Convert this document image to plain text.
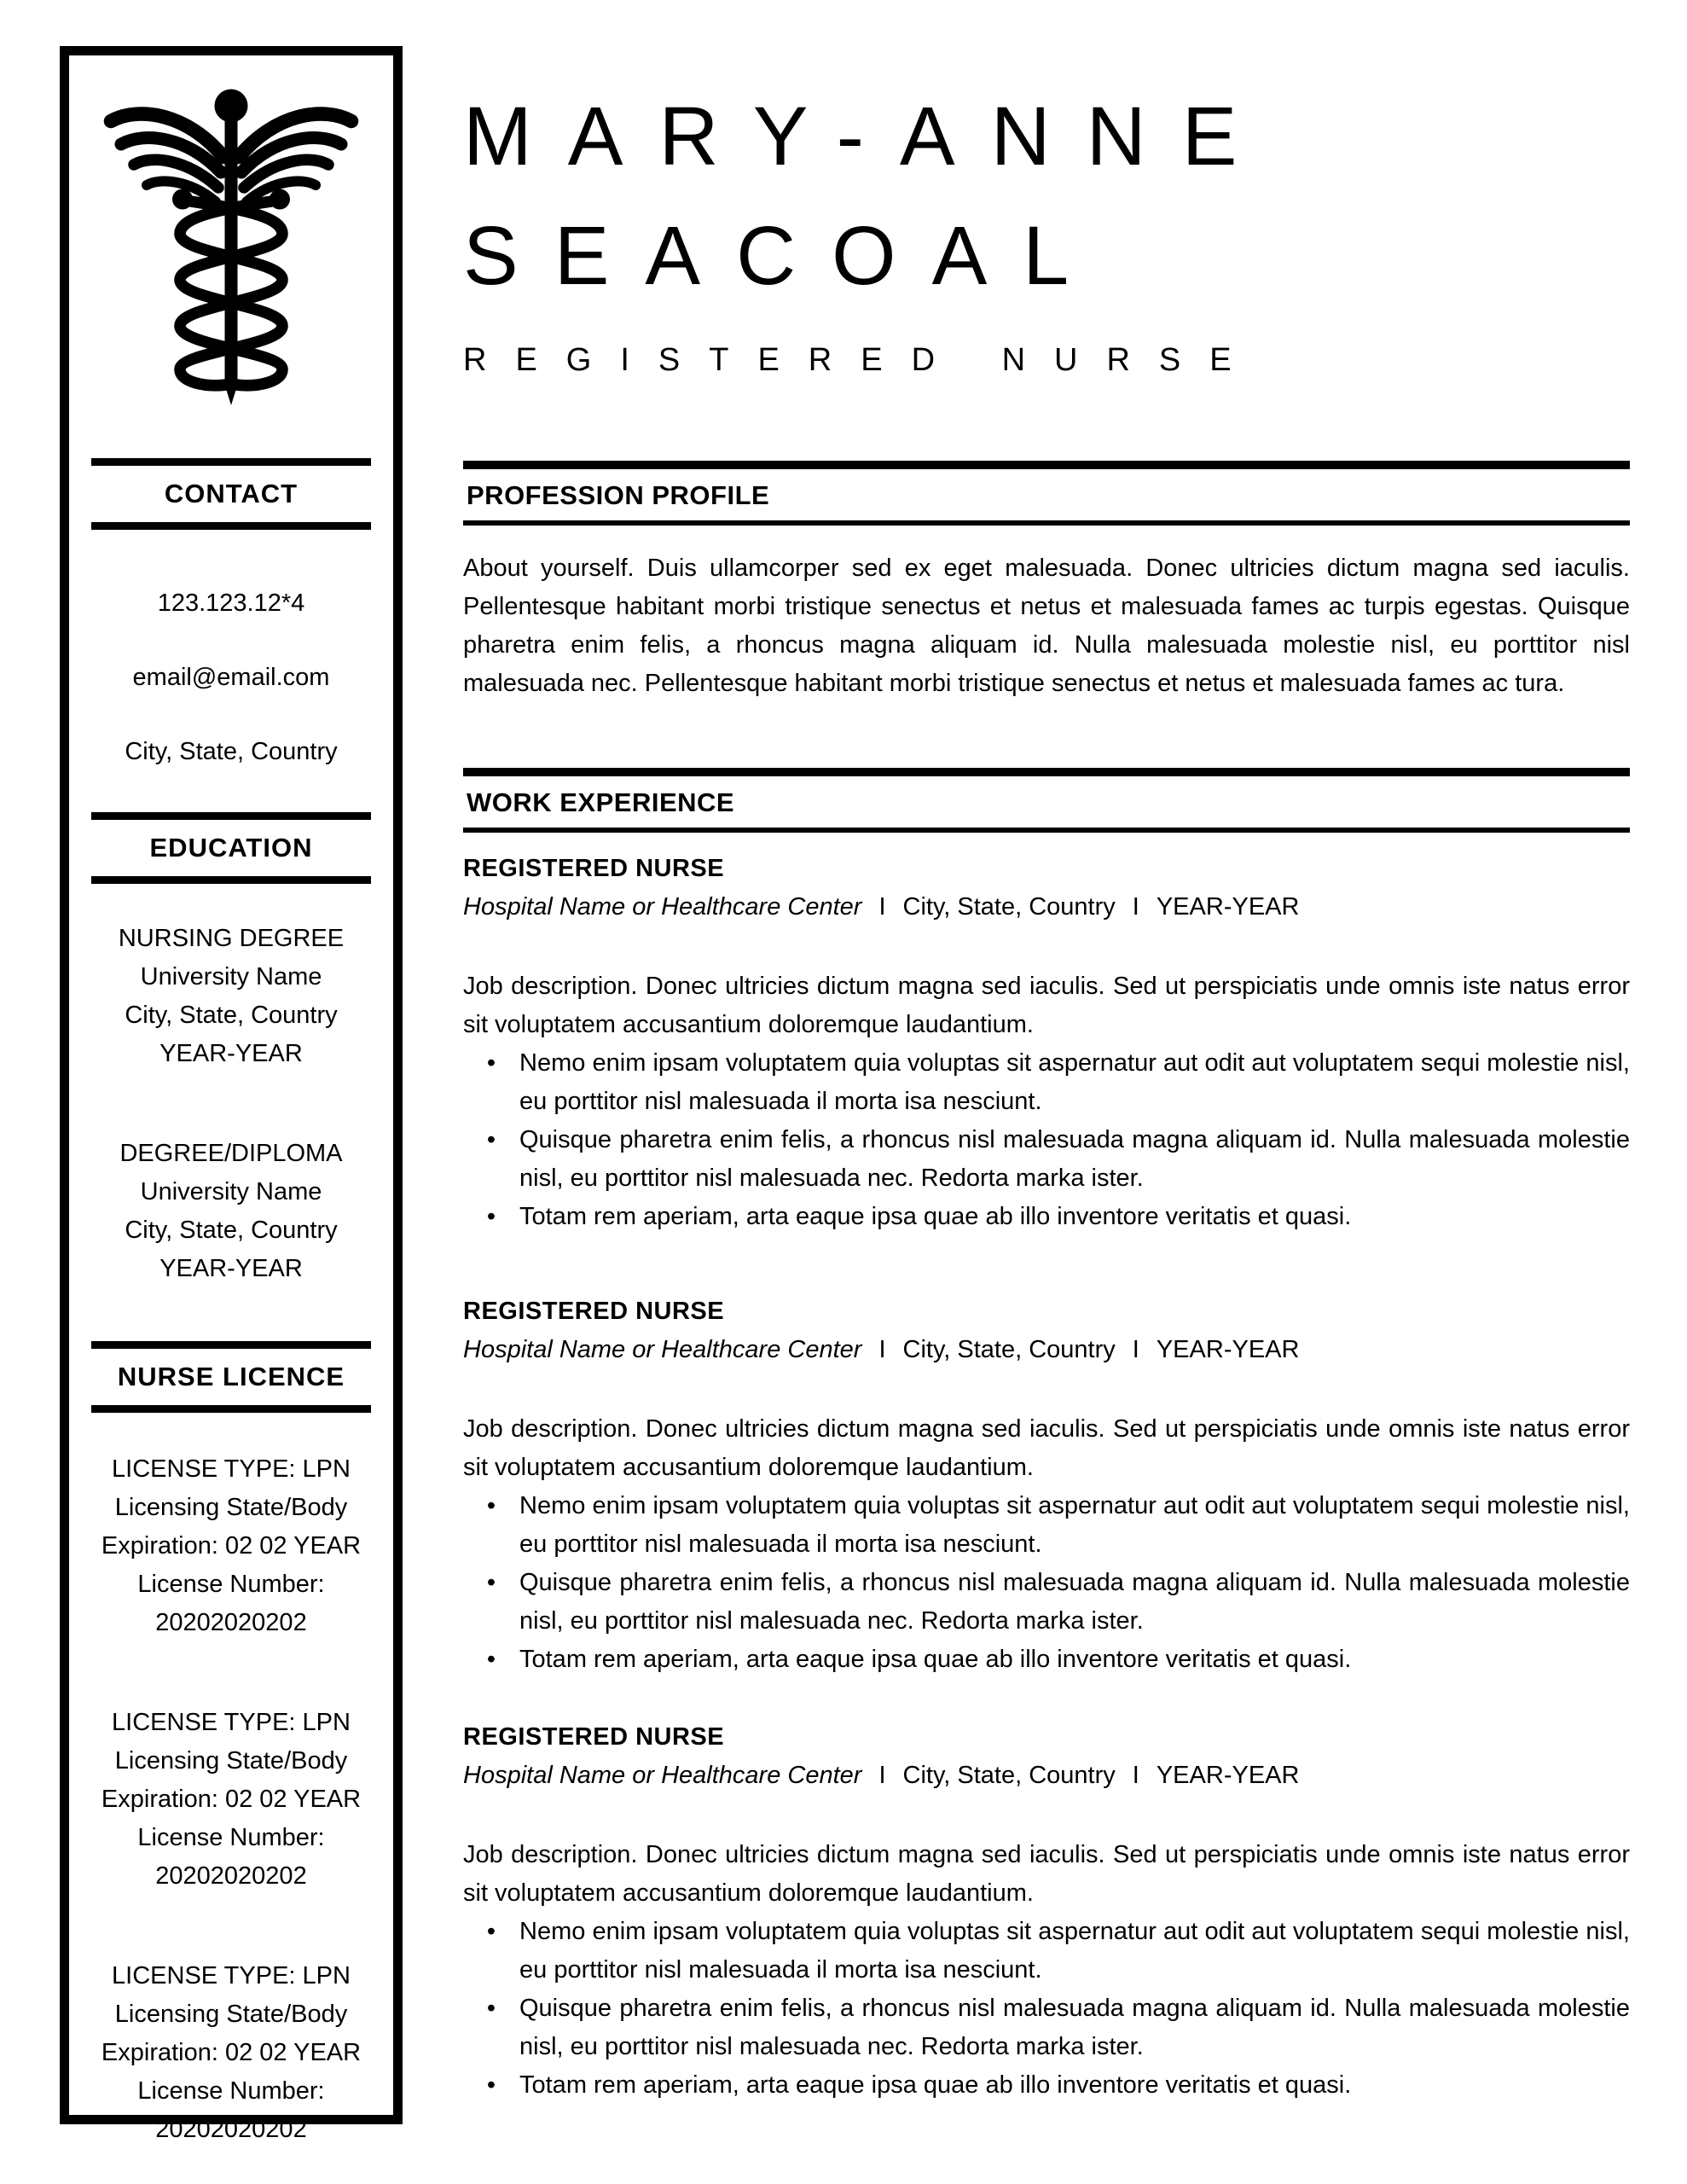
CONTACT
123.123.12*4
email@email.com
City, State, Country
EDUCATION
NURSING DEGREE
University Name
City, State, Country
YEAR-YEAR
DEGREE/DIPLOMA
University Name
City, State, Country
YEAR-YEAR
NURSE LICENCE
LICENSE TYPE: LPN
Licensing State/Body
Expiration: 02 02 YEAR
License Number:
20202020202
LICENSE TYPE: LPN
Licensing State/Body
Expiration: 02 02 YEAR
License Number:
20202020202
LICENSE TYPE: LPN
Licensing State/Body
Expiration: 02 02 YEAR
License Number:
20202020202
MARY-ANNE
SEACOAL
REGISTERED NURSE
PROFESSION PROFILE
About yourself. Duis ullamcorper sed ex eget malesuada. Donec ultricies dictum magna sed iaculis. Pellentesque habitant morbi tristique senectus et netus et malesuada fames ac turpis egestas. Quisque pharetra enim felis, a rhoncus magna aliquam id. Nulla malesuada molestie nisl, eu porttitor nisl malesuada nec. Pellentesque habitant morbi tristique senectus et netus et malesuada fames ac tura.
WORK EXPERIENCE
REGISTERED NURSE
Hospital Name or Healthcare Center I City, State, Country I YEAR-YEAR
Job description. Donec ultricies dictum magna sed iaculis. Sed ut perspiciatis unde omnis iste natus error sit voluptatem accusantium doloremque laudantium.
• Nemo enim ipsam voluptatem quia voluptas sit aspernatur aut odit aut voluptatem sequi molestie nisl, eu porttitor nisl malesuada il morta isa nesciunt.
• Quisque pharetra enim felis, a rhoncus nisl malesuada magna aliquam id. Nulla malesuada molestie nisl, eu porttitor nisl malesuada nec. Redorta marka ister.
• Totam rem aperiam, arta eaque ipsa quae ab illo inventore veritatis et quasi.
REGISTERED NURSE
Hospital Name or Healthcare Center I City, State, Country I YEAR-YEAR
Job description. Donec ultricies dictum magna sed iaculis. Sed ut perspiciatis unde omnis iste natus error sit voluptatem accusantium doloremque laudantium.
• Nemo enim ipsam voluptatem quia voluptas sit aspernatur aut odit aut voluptatem sequi molestie nisl, eu porttitor nisl malesuada il morta isa nesciunt.
• Quisque pharetra enim felis, a rhoncus nisl malesuada magna aliquam id. Nulla malesuada molestie nisl, eu porttitor nisl malesuada nec. Redorta marka ister.
• Totam rem aperiam, arta eaque ipsa quae ab illo inventore veritatis et quasi.
REGISTERED NURSE
Hospital Name or Healthcare Center I City, State, Country I YEAR-YEAR
Job description. Donec ultricies dictum magna sed iaculis. Sed ut perspiciatis unde omnis iste natus error sit voluptatem accusantium doloremque laudantium.
• Nemo enim ipsam voluptatem quia voluptas sit aspernatur aut odit aut voluptatem sequi molestie nisl, eu porttitor nisl malesuada il morta isa nesciunt.
• Quisque pharetra enim felis, a rhoncus nisl malesuada magna aliquam id. Nulla malesuada molestie nisl, eu porttitor nisl malesuada nec. Redorta marka ister.
• Totam rem aperiam, arta eaque ipsa quae ab illo inventore veritatis et quasi.
